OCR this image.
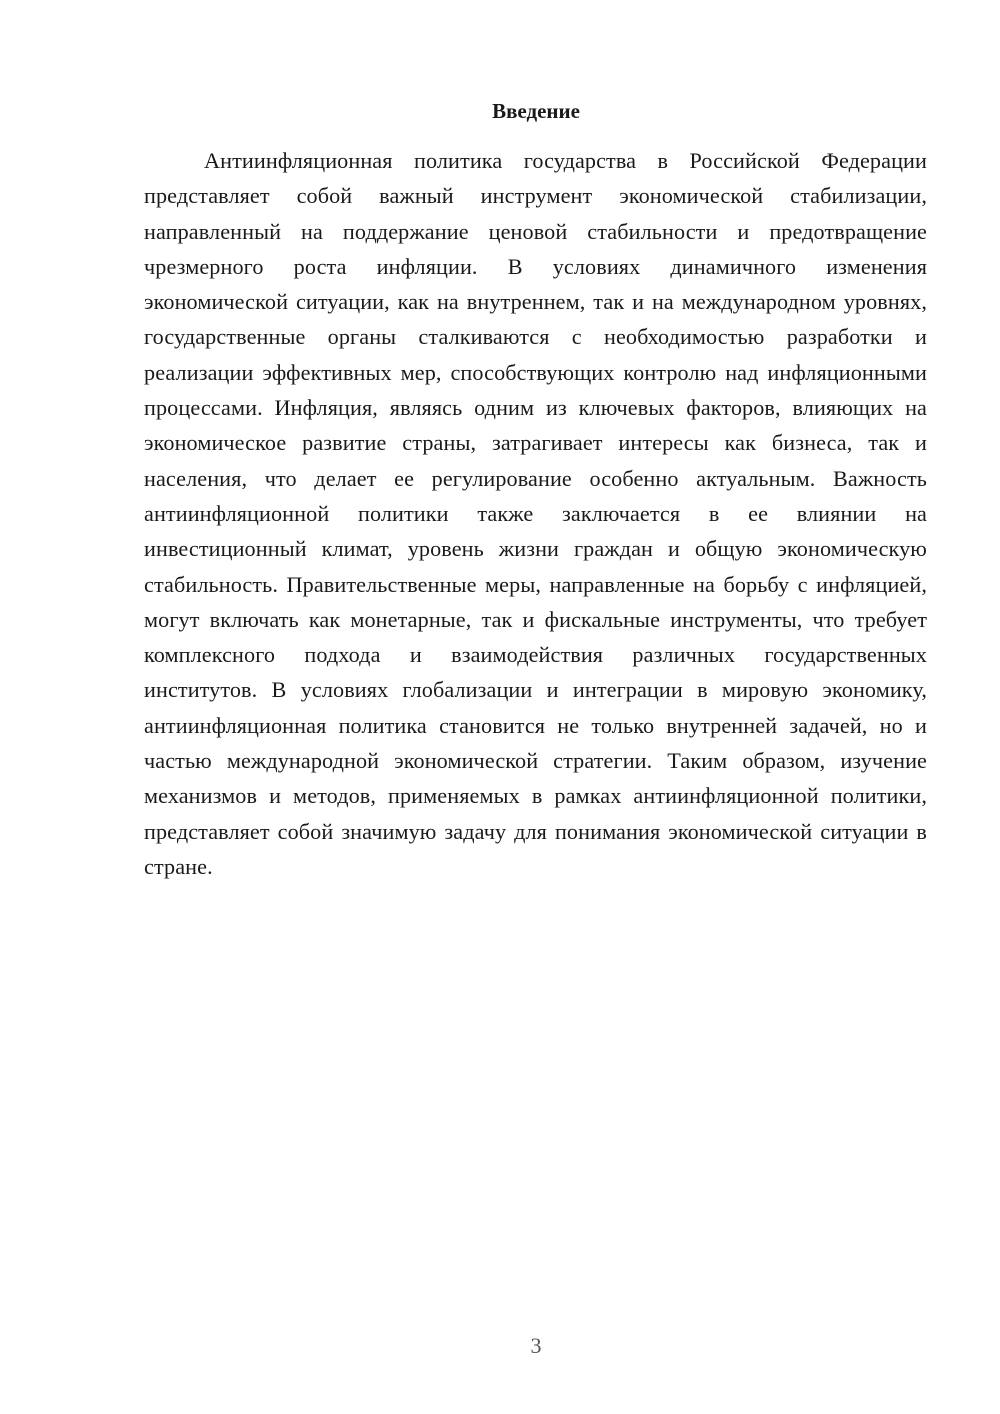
Введение

Антиинфляционная политика государства в Российской Федерации представляет собой важный инструмент экономической стабилизации, направленный на поддержание ценовой стабильности и предотвращение чрезмерного роста инфляции. В условиях динамичного изменения экономической ситуации, как на внутреннем, так и на международном уровнях, государственные органы сталкиваются с необходимостью разработки и реализации эффективных мер, способствующих контролю над инфляционными процессами. Инфляция, являясь одним из ключевых факторов, влияющих на экономическое развитие страны, затрагивает интересы как бизнеса, так и населения, что делает ее регулирование особенно актуальным. Важность антиинфляционной политики также заключается в ее влиянии на инвестиционный климат, уровень жизни граждан и общую экономическую стабильность. Правительственные меры, направленные на борьбу с инфляцией, могут включать как монетарные, так и фискальные инструменты, что требует комплексного подхода и взаимодействия различных государственных институтов. В условиях глобализации и интеграции в мировую экономику, антиинфляционная политика становится не только внутренней задачей, но и частью международной экономической стратегии. Таким образом, изучение механизмов и методов, применяемых в рамках антиинфляционной политики, представляет собой значимую задачу для понимания экономической ситуации в стране.

3
